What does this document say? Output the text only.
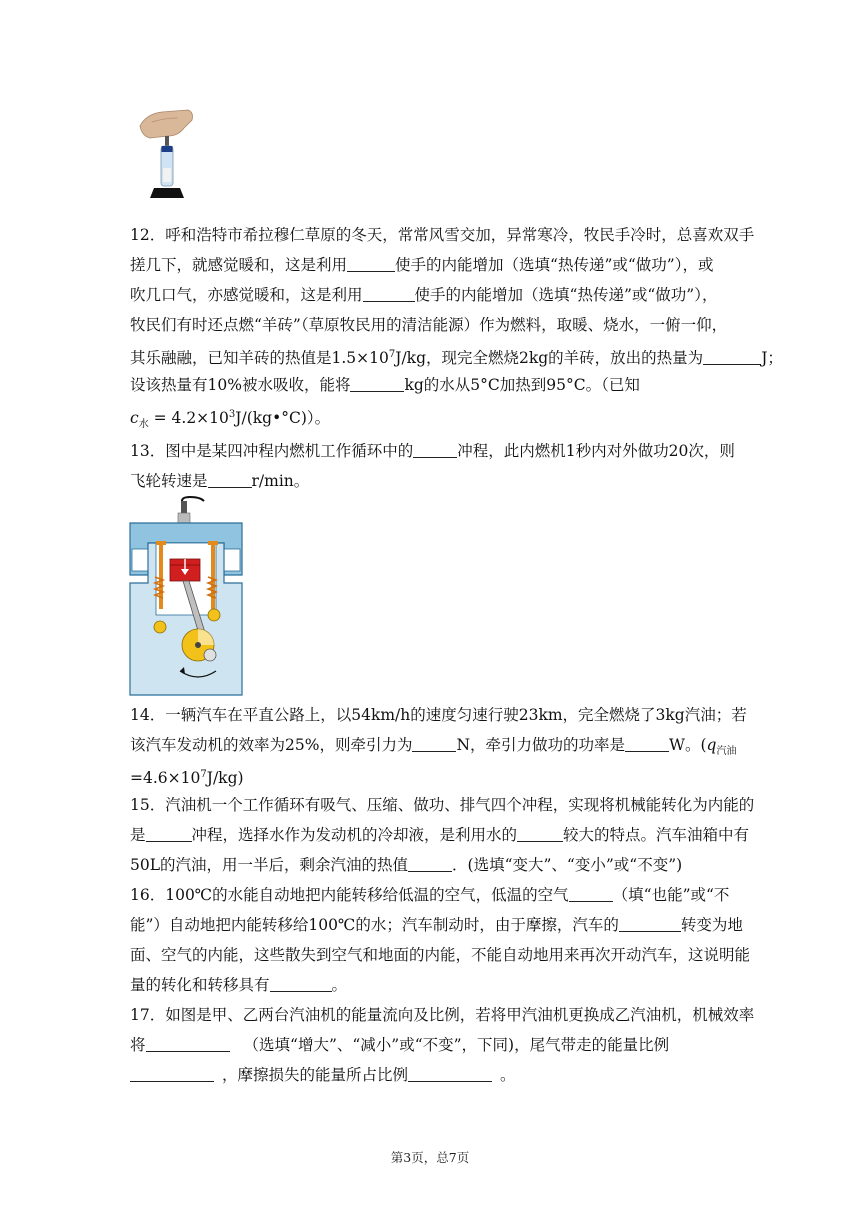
12．呼和浩特市希拉穆仁草原的冬天，常常风雪交加，异常寒冷，牧民手冷时，总喜欢双手
搓几下，就感觉暖和，这是利用	使手的内能增加（选填“热传递”或“做功”），或
吹几口气，亦感觉暖和，这是利用	使手的内能增加（选填“热传递”或“做功”），
牧民们有时还点燃“羊砖”（草原牧民用的清洁能源）作为燃料，取暖、烧水，一俯一仰，
其乐融融，已知羊砖的热值是$1.5\times 10^7J/kg$，现完全燃烧2kg的羊砖，放出的热量为	J；
设该热量有10%被水吸收，能将	kg的水从5°C加热到95°C。（已知
$c_水$ = $4.2\times 10^3J/(kg•^\circ C)$）。
13．图中是某四冲程内燃机工作循环中的	冲程，此内燃机1秒内对外做功20次，则
飞轮转速是	r/min。
14．一辆汽车在平直公路上，以54km/h的速度匀速行驶23km，完全燃烧了3kg汽油；若
该汽车发动机的效率为25%，则牵引力为	N，牵引力做功的功率是	W。($q_{汽油}$
$=4.6\times 10^7J/kg$)
15．汽油机一个工作循环有吸气、压缩、做功、排气四个冲程，实现将机械能转化为内能的
是	冲程，选择水作为发动机的冷却液，是利用水的	较大的特点。汽车油箱中有
50L的汽油，用一半后，剩余汽油的热值	．(选填“变大”、“变小”或“不变”)
16．100℃的水能自动地把内能转移给低温的空气，低温的空气	（填“也能”或“不
能”）自动地把内能转移给100℃的水；汽车制动时，由于摩擦，汽车的	转变为地
面、空气的内能，这些散失到空气和地面的内能，不能自动地用来再次开动汽车，这说明能
量的转化和转移具有	。
17．如图是甲、乙两台汽油机的能量流向及比例，若将甲汽油机更换成乙汽油机，机械效率
将	（选填“增大”、“减小”或“不变”，下同)，尾气带走的能量比例
，摩擦损失的能量所占比例	。
第3页，总7页
